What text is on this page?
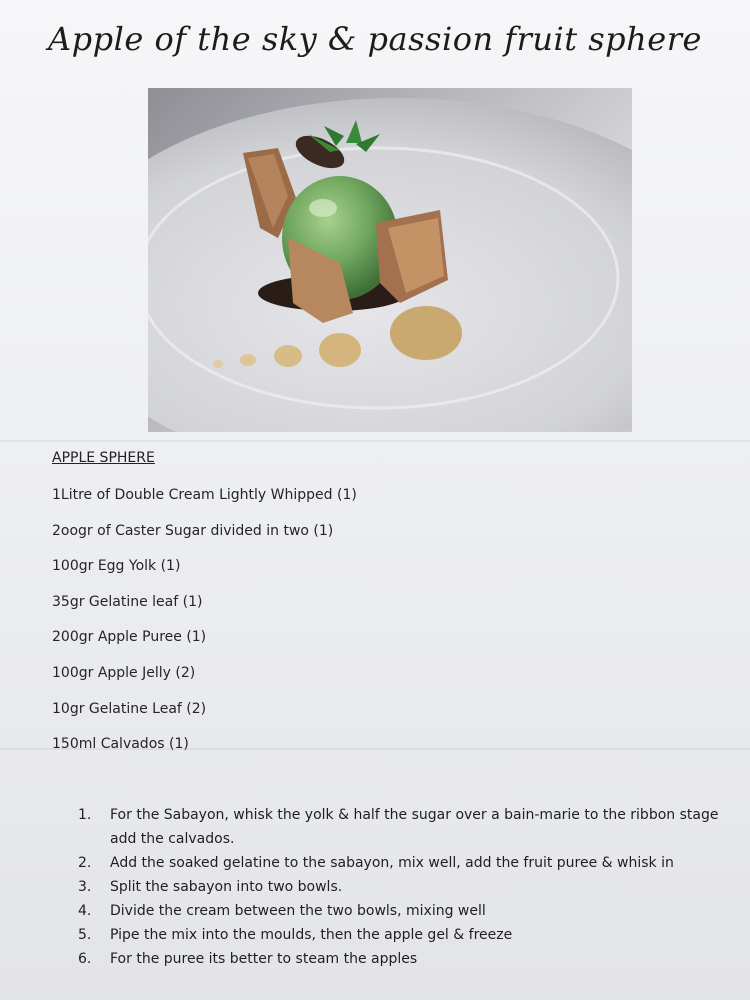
Apple of the sky & passion fruit sphere
APPLE SPHERE
1Litre of Double Cream Lightly Whipped (1)
2oogr of Caster Sugar divided in two (1)
100gr Egg Yolk (1)
35gr Gelatine leaf (1)
200gr Apple Puree (1)
100gr Apple Jelly (2)
10gr Gelatine Leaf (2)
150ml Calvados (1)
1.	For the Sabayon, whisk the yolk & half the sugar over a bain-marie to the ribbon stage add the calvados.
2.	Add the soaked gelatine to the sabayon, mix well, add the fruit puree & whisk in
3.	Split the sabayon into two bowls.
4.	Divide the cream between the two bowls, mixing well
5.	Pipe the mix into the moulds, then the apple gel & freeze
6.	For the puree its better to steam the apples
